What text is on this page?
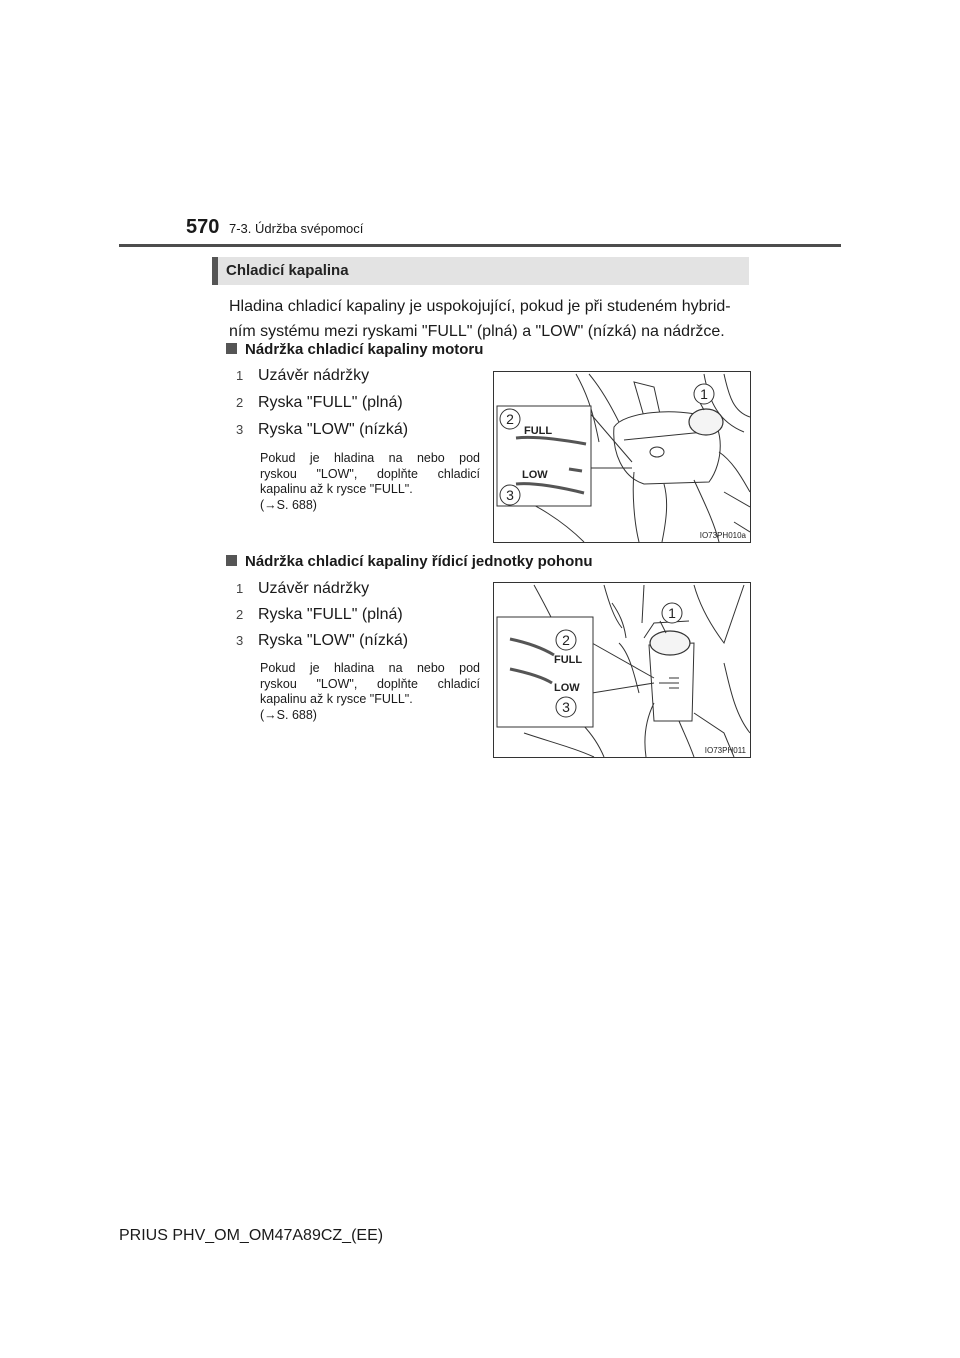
570 7-3. Údržba svépomocí
Chladicí kapalina
Hladina chladicí kapaliny je uspokojující, pokud je při studeném hybrid-
ním systému mezi ryskami "FULL" (plná) a "LOW" (nízká) na nádržce.
Nádržka chladicí kapaliny motoru
1 Uzávěr nádržky
2 Ryska "FULL" (plná)
3 Ryska "LOW" (nízká)
Pokud je hladina na nebo pod
ryskou "LOW", doplňte chladicí
kapalinu až k rysce "FULL".
(→S. 688)
FULL
LOW
1
2
3
IO73PH010a
Nádržka chladicí kapaliny řídicí jednotky pohonu
1 Uzávěr nádržky
2 Ryska "FULL" (plná)
3 Ryska "LOW" (nízká)
Pokud je hladina na nebo pod
ryskou "LOW", doplňte chladicí
kapalinu až k rysce "FULL".
(→S. 688)
FULL
LOW
1
2
3
IO73PH011
PRIUS PHV_OM_OM47A89CZ_(EE)
